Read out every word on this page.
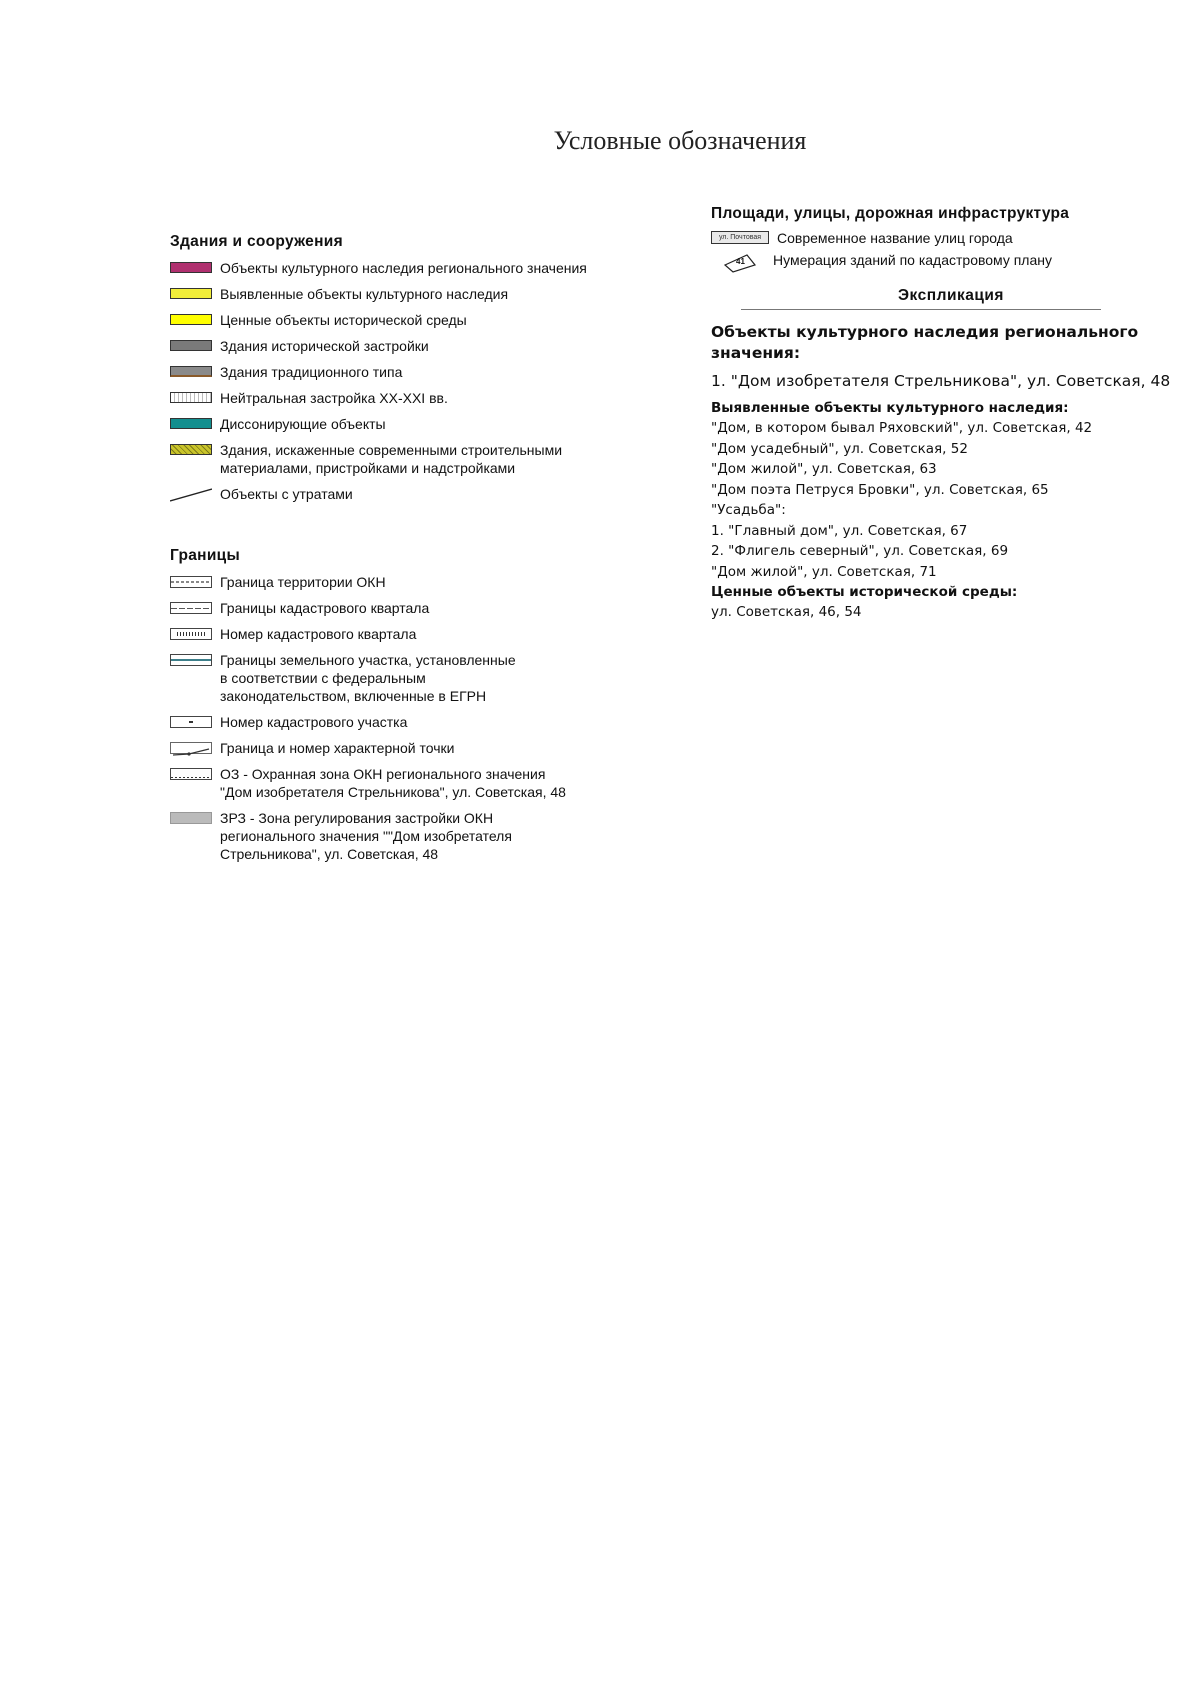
Условные обозначения
Здания и сооружения
Объекты культурного наследия регионального значения
Выявленные объекты культурного наследия
Ценные объекты исторической среды
Здания исторической застройки
Здания традиционного типа
Нейтральная застройка XX-XXI вв.
Диссонирующие объекты
Здания, искаженные современными строительными
материалами, пристройками и надстройками
Объекты с утратами
Границы
Граница территории ОКН
Границы кадастрового квартала
Номер кадастрового квартала
Границы земельного участка, установленные
в соответствии с федеральным
законодательством, включенные в ЕГРН
Номер кадастрового участка
Граница и номер характерной точки
ОЗ - Охранная зона ОКН регионального значения
"Дом изобретателя Стрельникова", ул. Советская, 48
ЗРЗ - Зона регулирования застройки ОКН
регионального значения ""Дом изобретателя
Стрельникова", ул. Советская, 48
Площади, улицы, дорожная инфраструктура
ул. Почтовая	Современное название улиц города
41 Нумерация зданий по кадастровому плану
Экспликация
Объекты культурного наследия регионального
значения:
1. "Дом изобретателя Стрельникова", ул. Советская, 48
Выявленные объекты культурного наследия:
"Дом, в котором бывал Ряховский", ул. Советская, 42
"Дом усадебный", ул. Советская, 52
"Дом жилой", ул. Советская, 63
"Дом поэта Петруся Бровки", ул. Советская, 65
"Усадьба":
1. "Главный дом", ул. Советская, 67
2. "Флигель северный", ул. Советская, 69
"Дом жилой", ул. Советская, 71
Ценные объекты исторической среды:
ул. Советская, 46, 54
